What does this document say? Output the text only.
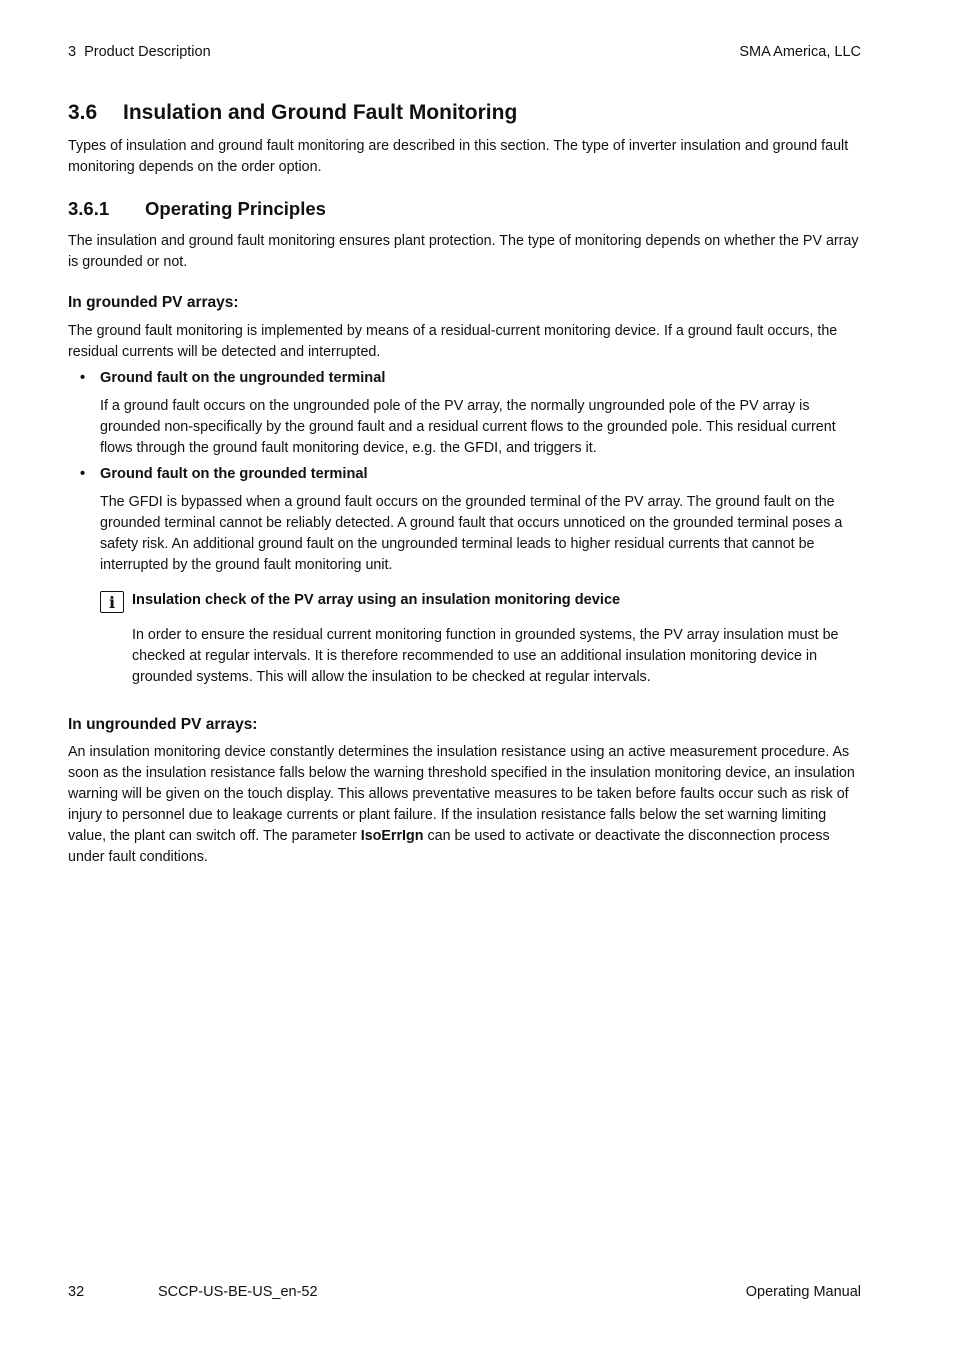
3  Product Description	SMA America, LLC
3.6 Insulation and Ground Fault Monitoring

Types of insulation and ground fault monitoring are described in this section. The type of inverter insulation and ground fault monitoring depends on the order option.

3.6.1 Operating Principles

The insulation and ground fault monitoring ensures plant protection. The type of monitoring depends on whether the PV array is grounded or not.

In grounded PV arrays:

The ground fault monitoring is implemented by means of a residual-current monitoring device. If a ground fault occurs, the residual currents will be detected and interrupted.

• Ground fault on the ungrounded terminal

If a ground fault occurs on the ungrounded pole of the PV array, the normally ungrounded pole of the PV array is grounded non-specifically by the ground fault and a residual current flows to the grounded pole. This residual current flows through the ground fault monitoring device, e.g. the GFDI, and triggers it.

• Ground fault on the grounded terminal

The GFDI is bypassed when a ground fault occurs on the grounded terminal of the PV array. The ground fault on the grounded terminal cannot be reliably detected. A ground fault that occurs unnoticed on the grounded terminal poses a safety risk. An additional ground fault on the ungrounded terminal leads to higher residual currents that cannot be interrupted by the ground fault monitoring unit.

i	Insulation check of the PV array using an insulation monitoring device

In order to ensure the residual current monitoring function in grounded systems, the PV array insulation must be checked at regular intervals. It is therefore recommended to use an additional insulation monitoring device in grounded systems. This will allow the insulation to be checked at regular intervals.

In ungrounded PV arrays:

An insulation monitoring device constantly determines the insulation resistance using an active measurement procedure. As soon as the insulation resistance falls below the warning threshold specified in the insulation monitoring device, an insulation warning will be given on the touch display. This allows preventative measures to be taken before faults occur such as risk of injury to personnel due to leakage currents or plant failure. If the insulation resistance falls below the set warning limiting value, the plant can switch off. The parameter IsoErrIgn can be used to activate or deactivate the disconnection process under fault conditions.

32	SCCP-US-BE-US_en-52	Operating Manual
